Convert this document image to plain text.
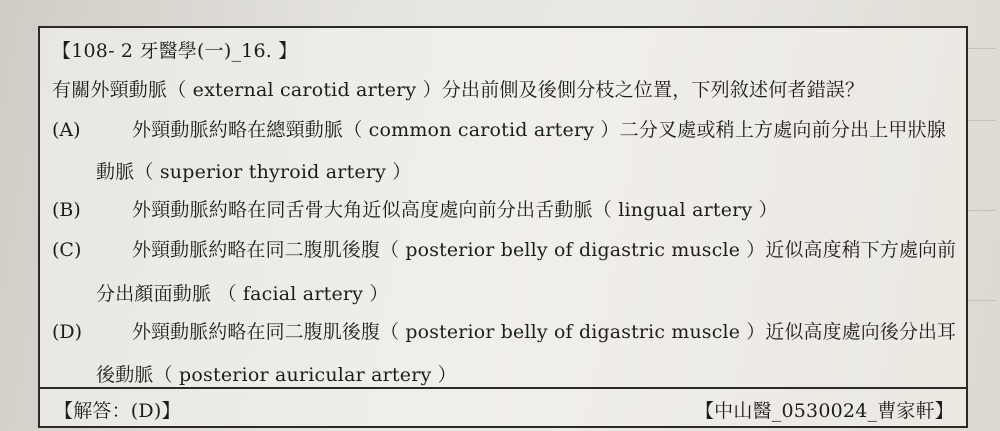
【108- 2 牙醫學(一)_16. 】
有關外頸動脈（ external carotid artery ）分出前側及後側分枝之位置，下列敘述何者錯誤？
(A)	外頸動脈約略在總頸動脈（ common carotid artery ）二分叉處或稍上方處向前分出上甲狀腺
動脈（ superior thyroid artery ）
(B)	外頸動脈約略在同舌骨大角近似高度處向前分出舌動脈（ lingual artery ）
(C)	外頸動脈約略在同二腹肌後腹（ posterior belly of digastric muscle ）近似高度稍下方處向前
分出顏面動脈 （ facial artery ）
(D)	外頸動脈約略在同二腹肌後腹（ posterior belly of digastric muscle ）近似高度處向後分出耳
後動脈（ posterior auricular artery ）
【解答：(D)】	【中山醫_0530024_曹家軒】
